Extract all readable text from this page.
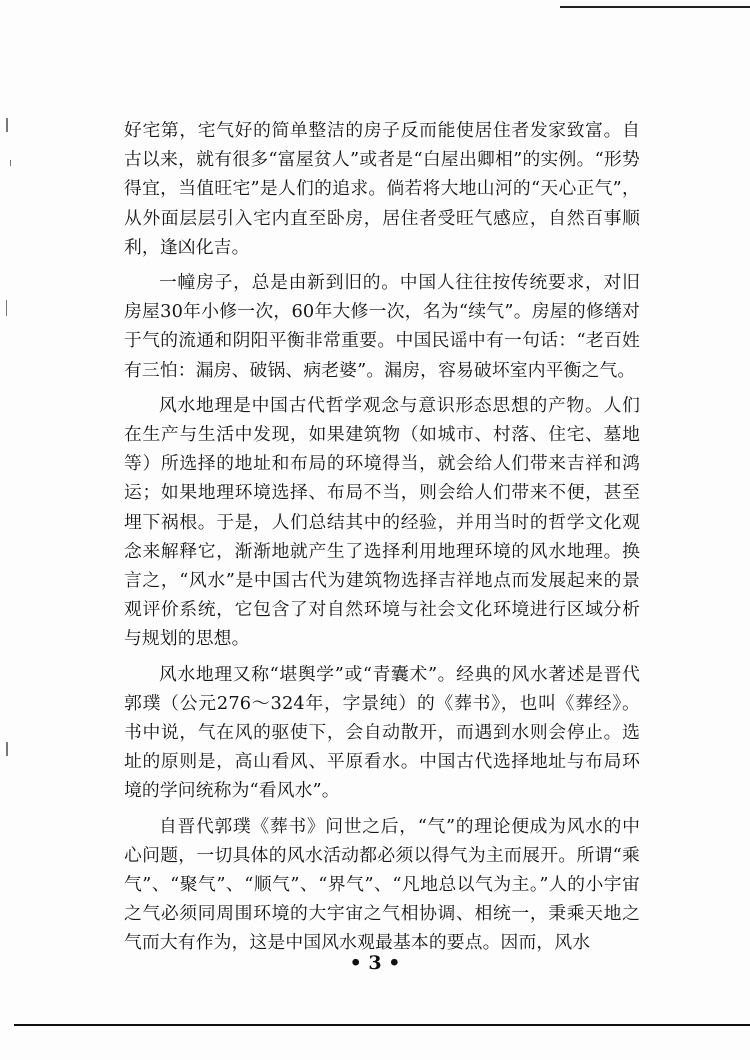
好宅第，宅气好的简单整洁的房子反而能使居住者发家致富。自古以来，就有很多“富屋贫人”或者是“白屋出卿相”的实例。“形势得宜，当值旺宅”是人们的追求。倘若将大地山河的“天心正气”，从外面层层引入宅内直至卧房，居住者受旺气感应，自然百事顺利，逢凶化吉。

一幢房子，总是由新到旧的。中国人往往按传统要求，对旧房屋30年小修一次，60年大修一次，名为“续气”。房屋的修缮对于气的流通和阴阳平衡非常重要。中国民谣中有一句话：“老百姓有三怕：漏房、破锅、病老婆”。漏房，容易破坏室内平衡之气。

风水地理是中国古代哲学观念与意识形态思想的产物。人们在生产与生活中发现，如果建筑物（如城市、村落、住宅、墓地等）所选择的地址和布局的环境得当，就会给人们带来吉祥和鸿运；如果地理环境选择、布局不当，则会给人们带来不便，甚至埋下祸根。于是，人们总结其中的经验，并用当时的哲学文化观念来解释它，渐渐地就产生了选择利用地理环境的风水地理。换言之，“风水”是中国古代为建筑物选择吉祥地点而发展起来的景观评价系统，它包含了对自然环境与社会文化环境进行区域分析与规划的思想。

风水地理又称“堪舆学”或“青囊术”。经典的风水著述是晋代郭璞（公元276～324年，字景纯）的《葬书》，也叫《葬经》。书中说，气在风的驱使下，会自动散开，而遇到水则会停止。选址的原则是，高山看风、平原看水。中国古代选择地址与布局环境的学问统称为“看风水”。

自晋代郭璞《葬书》问世之后，“气”的理论便成为风水的中心问题，一切具体的风水活动都必须以得气为主而展开。所谓“乘气”、“聚气”、“顺气”、“界气”、“凡地总以气为主。”人的小宇宙之气必须同周围环境的大宇宙之气相协调、相统一，秉乘天地之气而大有作为，这是中国风水观最基本的要点。因而，风水

• 3 •
